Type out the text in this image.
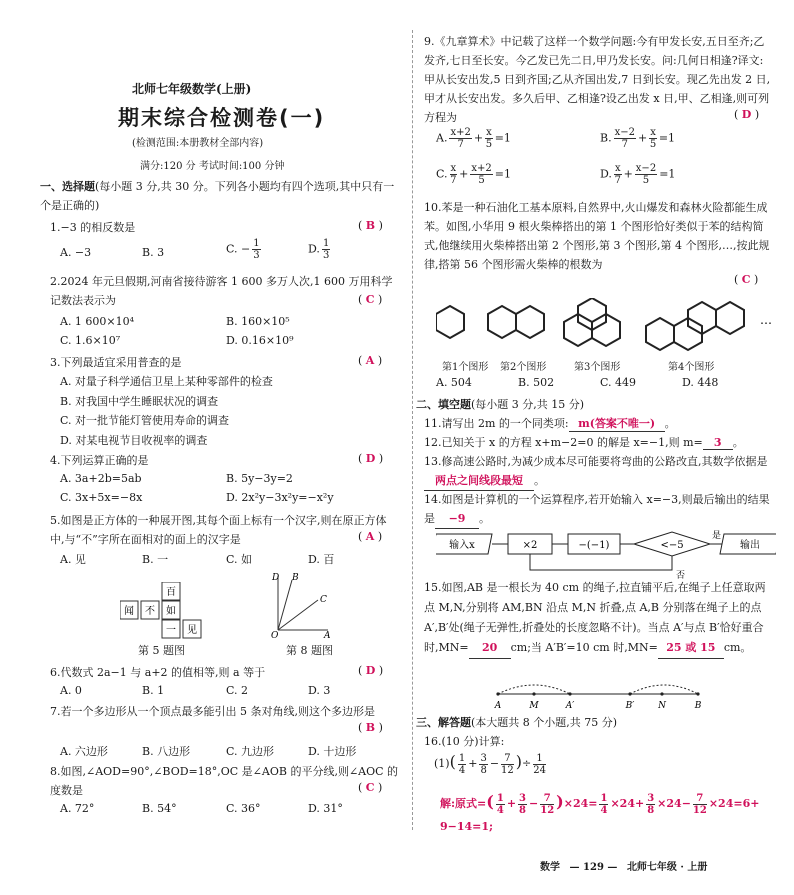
北师七年级数学(上册)
期末综合检测卷(一)
(检测范围:本册教材全部内容)
满分:120 分 考试时间:100 分钟
一、选择题(每小题 3 分,共 30 分。下列各小题均有四个选项,其中只有一个是正确的)
1.−3 的相反数是	( B )
A. −3	B. 3	C. − $\frac{1}{3}$	D. $\frac{1}{3}$
2.2024 年元旦假期,河南省接待游客 1 600 多万人次,1 600 万用科学记数法表示为	( C )
A. 1 600×10⁴	B. 160×10⁵
C. 1.6×10⁷	D. 0.16×10⁹
3.下列最适宜采用普查的是	( A )
A. 对量子科学通信卫星上某种零部件的检查
B. 对我国中学生睡眠状况的调查
C. 对一批节能灯管使用寿命的调查
D. 对某电视节目收视率的调查
4.下列运算正确的是	( D )
A. 3a+2b=5ab	B. 5y−3y=2
C. 3x+5x=−8x	D. 2x²y−3x²y=−x²y
5.如图是正方体的一种展开图,其每个面上标有一个汉字,则在原正方体中,与“不”字所在面相对的面上的汉字是	( A )
A. 见	B. 一	C. 如	D. 百
百
闻 不 如
一 见
第 5 题图
O	A
D B
C
第 8 题图
6.代数式 2a−1 与 a+2 的值相等,则 a 等于	( D )
A. 0	B. 1	C. 2	D. 3
7.若一个多边形从一个顶点最多能引出 5 条对角线,则这个多边形是
( B )
A. 六边形	B. 八边形	C. 九边形	D. 十边形
8.如图,∠AOD=90°,∠BOD=18°,OC 是∠AOB 的平分线,则∠AOC 的度数是	( C )
A. 72°	B. 54°	C. 36°	D. 31°
9.《九章算术》中记载了这样一个数学问题:今有甲发长安,五日至齐;乙发齐,七日至长安。今乙发已先二日,甲乃发长安。问:几何日相逢?译文:甲从长安出发,5 日到齐国;乙从齐国出发,7 日到长安。现乙先出发 2 日,甲才从长安出发。多久后甲、乙相逢?设乙出发 x 日,甲、乙相逢,则可列方程为	( D )
A. $\frac{x+2}{7} + \frac{x}{5} =1$	B. $\frac{x-2}{7} + \frac{x}{5} =1$
C. $\frac{x}{7} + \frac{x+2}{5} =1$	D. $\frac{x}{7} + \frac{x-2}{5} =1$
10.苯是一种石油化工基本原料,自然界中,火山爆发和森林火险都能生成苯。如图,小华用 9 根火柴棒搭出的第 1 个图形恰好类似于苯的结构简式,他继续用火柴棒搭出第 2 个图形,第 3 个图形,第 4 个图形,…,按此规律,搭第 56 个图形需火柴棒的根数为
( C )
…
第1个图形 第2个图形	第3个图形	第4个图形
A. 504	B. 502	C. 449	D. 448
二、填空题(每小题 3 分,共 15 分)
11.请写出 2m 的一个同类项: m(答案不唯一) 。
12.已知关于 x 的方程 x+m−2=0 的解是 x=−1,则 m= 3 。
13.修高速公路时,为减少成本尽可能要将弯曲的公路改直,其数学依据是两点之间线段最短 。
14.如图是计算机的一个运算程序,若开始输入 x=−3,则最后输出的结果是 −9 。
输入x	×2	−(−1)	<−5	输出
是
否
15.如图,AB 是一根长为 40 cm 的绳子,拉直铺平后,在绳子上任意取两点 M,N,分别将 AM,BN 沿点 M,N 折叠,点 A,B 分别落在绳子上的点 A′,B′处(绳子无弹性,折叠处的长度忽略不计)。当点 A′与点 B′恰好重合时,MN= 20 cm;当 A′B′=10 cm 时,MN= 25 或 15 cm。
A	M	A′	B′	N	B
三、解答题(本大题共 8 个小题,共 75 分)
16.(10 分)计算:
$(1)( \frac{1}{4} + \frac{3}{8} - \frac{7}{12}$ )÷ $\frac{1}{24}$
解:原式=( $\frac{1}{4} + \frac{3}{8} - \frac{7}{12} )\times 24= \frac{1}{4} \times 24+ \frac{3}{8} \times 24- \frac{7}{12} \times 24=6+$
9−14=1;
数学 — 129 — 北师七年级 · 上册
